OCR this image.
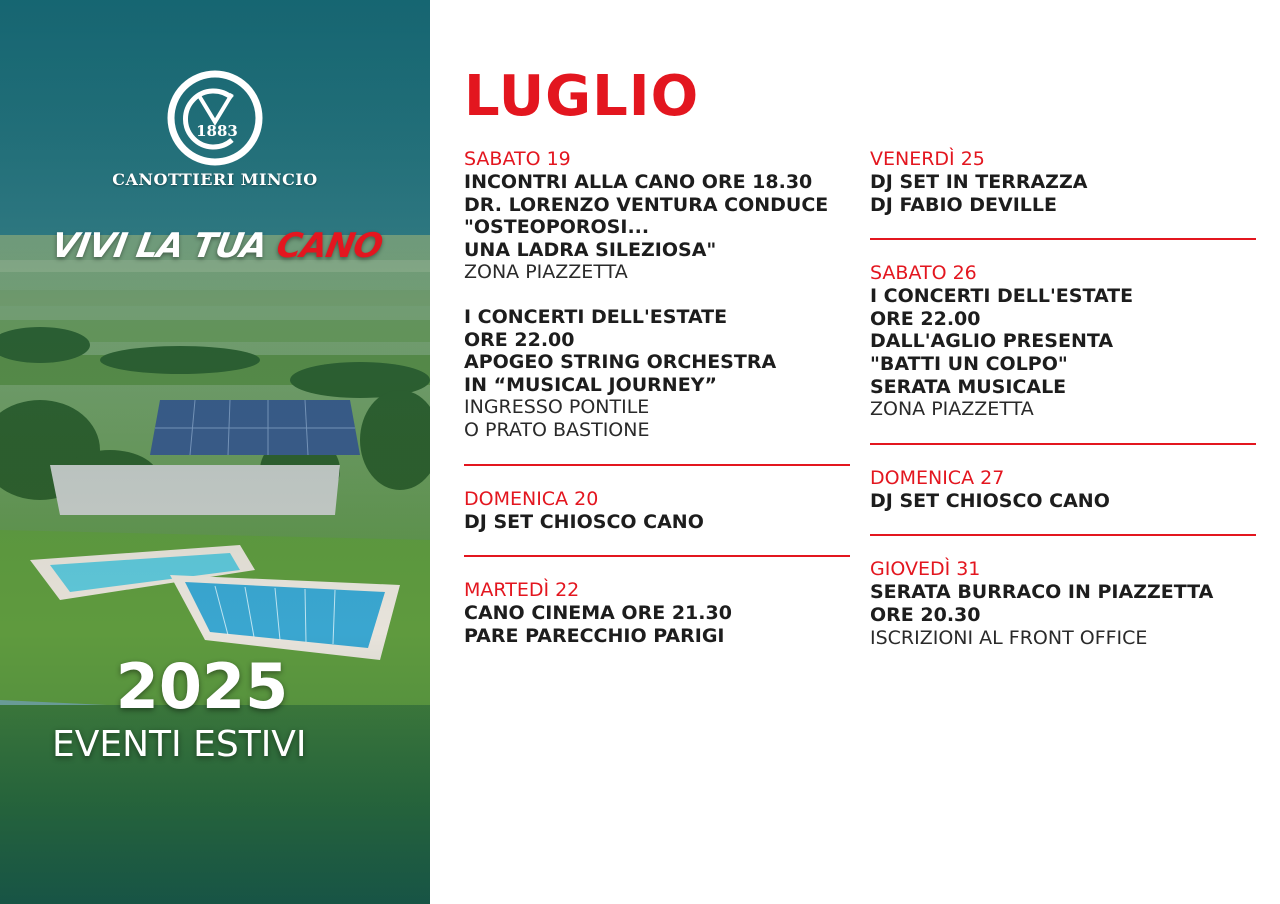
1883
CANOTTIERI MINCIO
VIVI LA TUA CANO
2025
EVENTI ESTIVI
LUGLIO
SABATO 19
INCONTRI ALLA CANO ORE 18.30
DR. LORENZO VENTURA CONDUCE
"OSTEOPOROSI...
UNA LADRA SILEZIOSA"
ZONA PIAZZETTA
I CONCERTI DELL'ESTATE
ORE 22.00
APOGEO STRING ORCHESTRA
IN “MUSICAL JOURNEY”
INGRESSO PONTILE
O PRATO BASTIONE
DOMENICA 20
DJ SET CHIOSCO CANO
MARTEDÌ 22
CANO CINEMA ORE 21.30
PARE PARECCHIO PARIGI
VENERDÌ 25
DJ SET IN TERRAZZA
DJ FABIO DEVILLE
SABATO 26
I CONCERTI DELL'ESTATE
ORE 22.00
DALL'AGLIO PRESENTA
"BATTI UN COLPO"
SERATA MUSICALE
ZONA PIAZZETTA
DOMENICA 27
DJ SET CHIOSCO CANO
GIOVEDÌ 31
SERATA BURRACO IN PIAZZETTA
ORE 20.30
ISCRIZIONI AL FRONT OFFICE
